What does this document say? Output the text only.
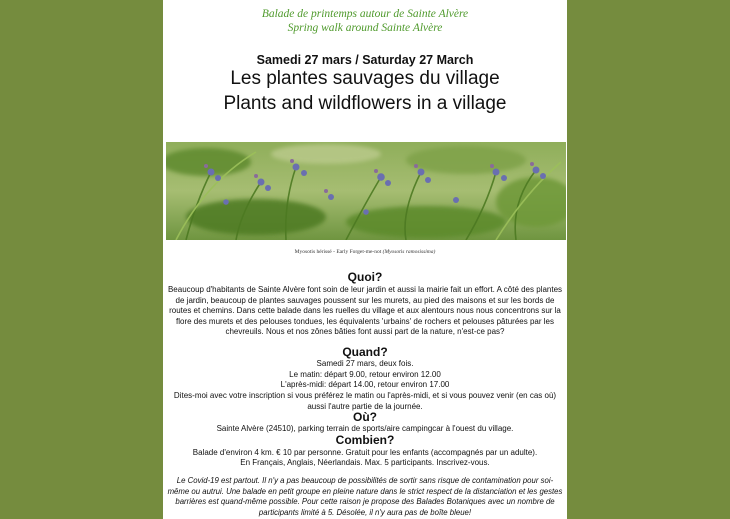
Balade de printemps autour de Sainte Alvère
Spring walk around Sainte Alvère
Samedi 27 mars / Saturday 27 March
Les plantes sauvages du village
Plants and wildflowers in a village
Myosotis hérissé - Early Forget-me-not (Myosotis ramosissima)
Quoi?
Beaucoup d'habitants de Sainte Alvère font soin de leur jardin et aussi la mairie fait un effort. A côté des plantes de jardin, beaucoup de plantes sauvages poussent sur les murets, au pied des maisons et sur les bords de routes et chemins. Dans cette balade dans les ruelles du village et aux alentours nous nous concentrons sur la flore des murets et des pelouses tondues, les équivalents 'urbains' de rochers et pelouses pâturées par les chevreuils. Nous et nos zônes bâties font aussi part de la nature, n'est-ce pas?
Quand?
Samedi 27 mars, deux fois.
Le matin: départ 9.00, retour environ 12.00
L'après-midi: départ 14.00, retour environ 17.00
Dites-moi avec votre inscription si vous préférez le matin ou l'après-midi, et si vous pouvez venir (en cas où) aussi l'autre partie de la journée.
Où?
Sainte Alvère (24510), parking terrain de sports/aire campingcar à l'ouest du village.
Combien?
Balade d'environ 4 km. € 10 par personne. Gratuit pour les enfants (accompagnés par un adulte).
En Français, Anglais, Néerlandais. Max. 5 participants. Inscrivez-vous.
Le Covid-19 est partout. Il n'y a pas beaucoup de possibilités de sortir sans risque de contamination pour soi-même ou autrui. Une balade en petit groupe en pleine nature dans le strict respect de la distanciation et les gestes barrières est quand-même possible. Pour cette raison je propose des Balades Botaniques avec un nombre de participants limité à 5. Désolée, il n'y aura pas de boîte bleue!
